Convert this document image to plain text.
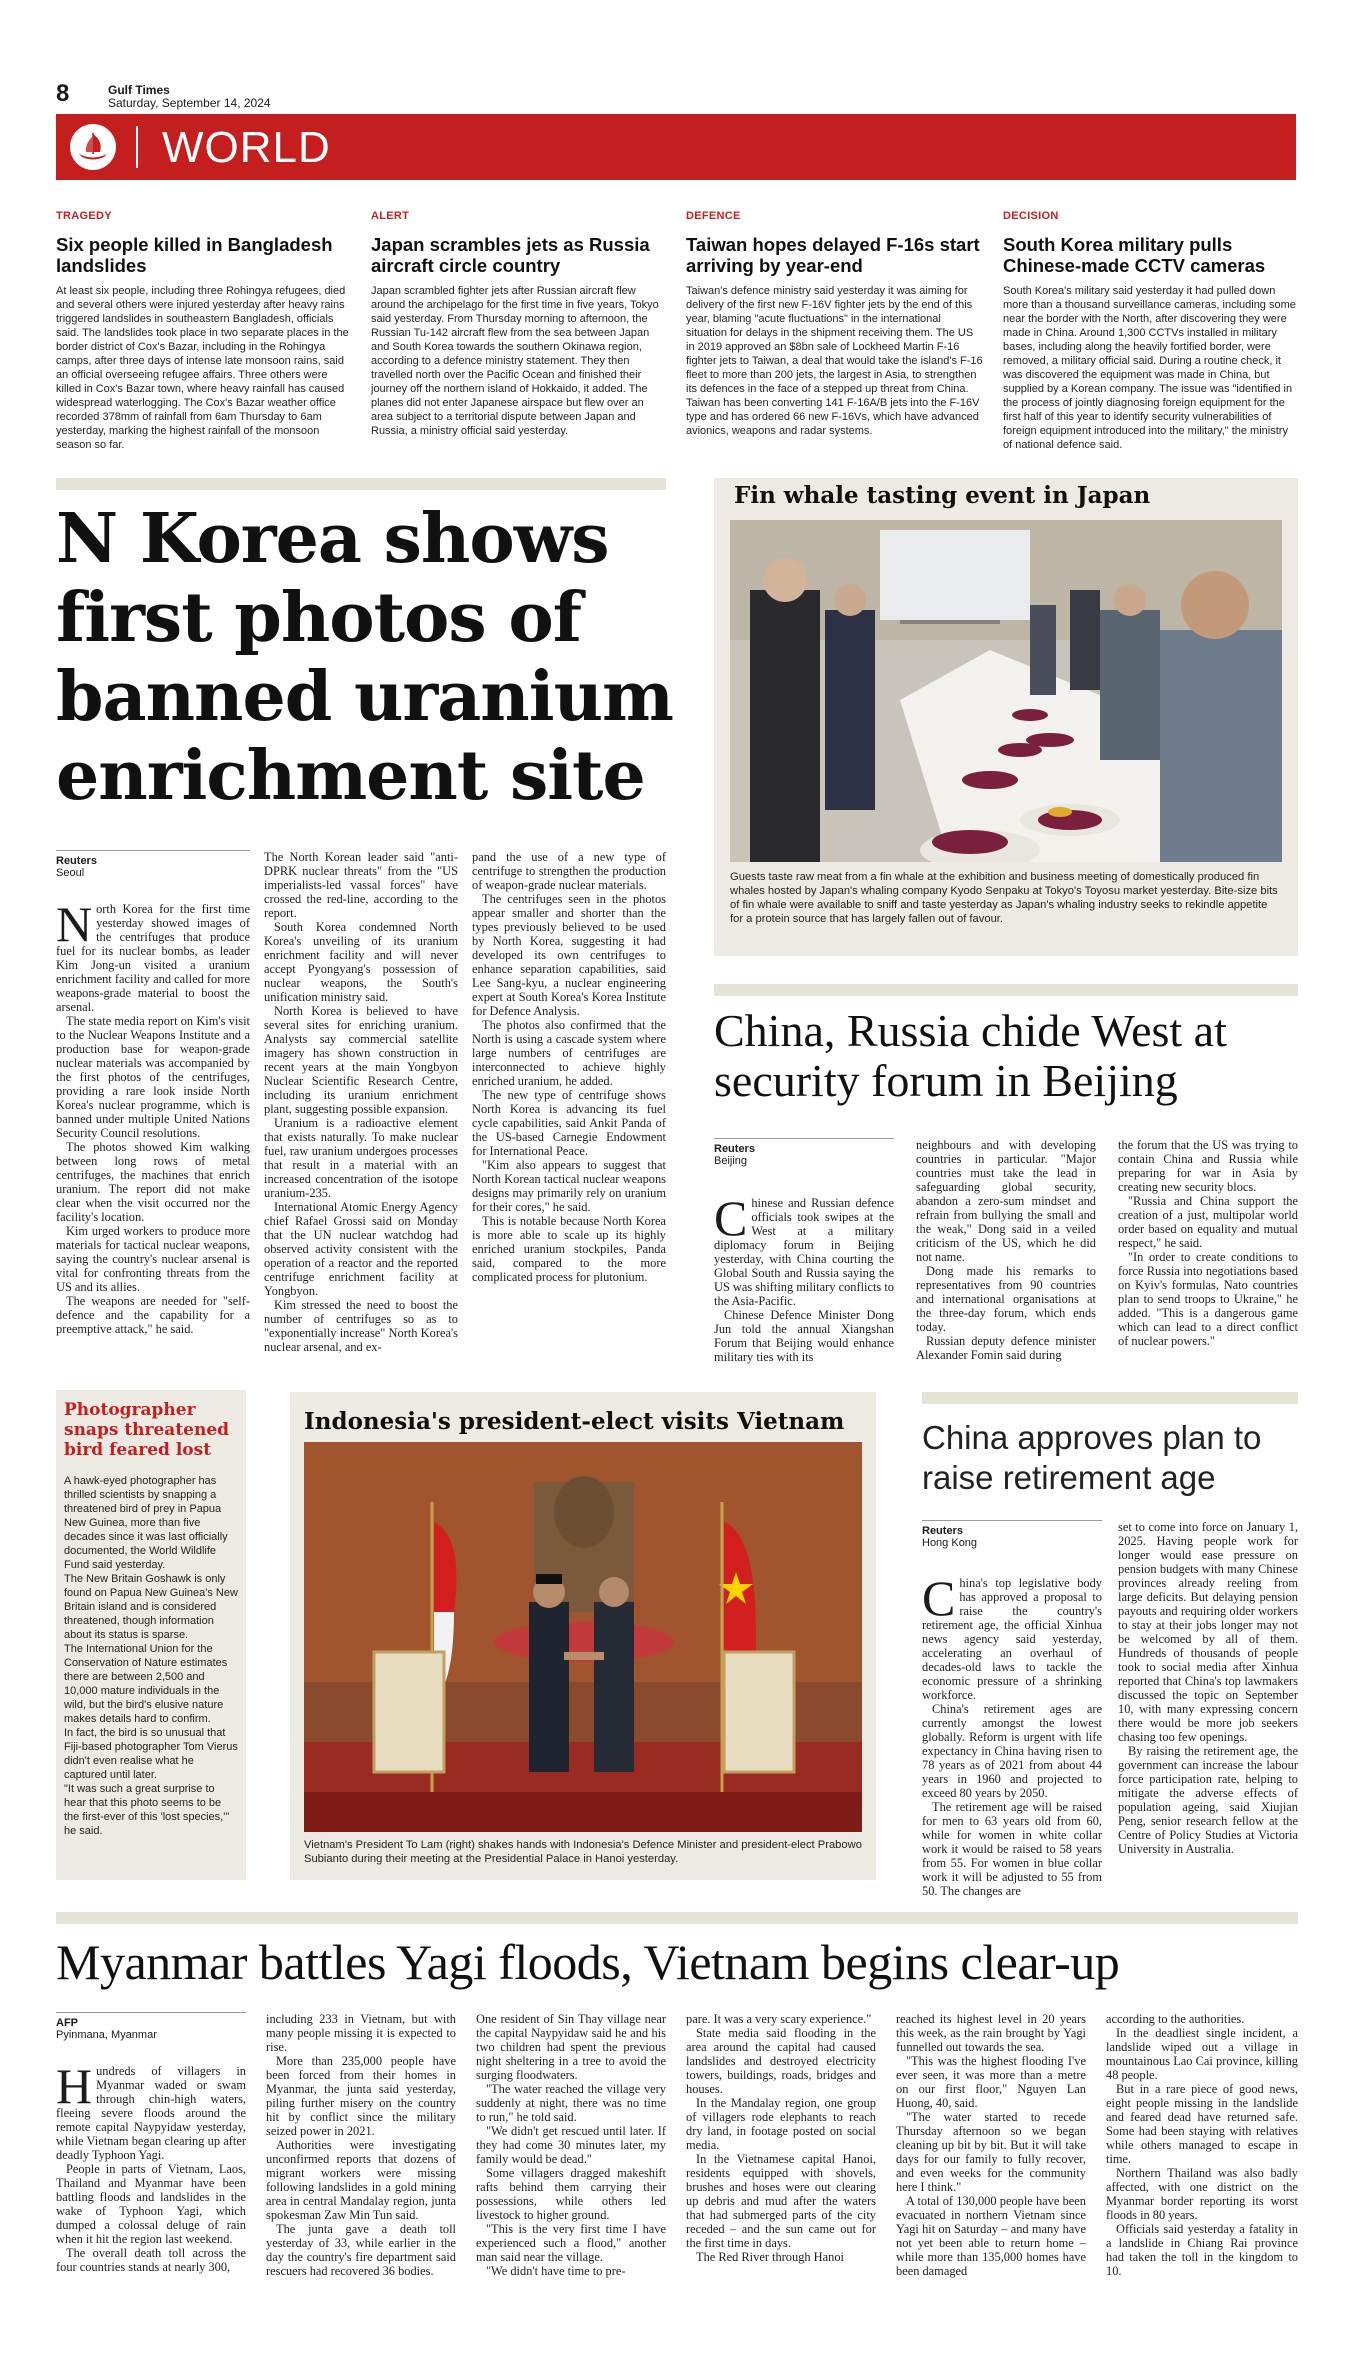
8	Gulf Times
Saturday, September 14, 2024
WORLD
TRAGEDY
Six people killed in Bangladesh landslides
At least six people, including three Rohingya refugees, died and several others were injured yesterday after heavy rains triggered landslides in southeastern Bangladesh, officials said. The landslides took place in two separate places in the border district of Cox's Bazar, including in the Rohingya camps, after three days of intense late monsoon rains, said an official overseeing refugee affairs. Three others were killed in Cox's Bazar town, where heavy rainfall has caused widespread waterlogging. The Cox's Bazar weather office recorded 378mm of rainfall from 6am Thursday to 6am yesterday, marking the highest rainfall of the monsoon season so far.
ALERT
Japan scrambles jets as Russia aircraft circle country
Japan scrambled fighter jets after Russian aircraft flew around the archipelago for the first time in five years, Tokyo said yesterday. From Thursday morning to afternoon, the Russian Tu-142 aircraft flew from the sea between Japan and South Korea towards the southern Okinawa region, according to a defence ministry statement. They then travelled north over the Pacific Ocean and finished their journey off the northern island of Hokkaido, it added. The planes did not enter Japanese airspace but flew over an area subject to a territorial dispute between Japan and Russia, a ministry official said yesterday.
DEFENCE
Taiwan hopes delayed F-16s start arriving by year-end
Taiwan's defence ministry said yesterday it was aiming for delivery of the first new F-16V fighter jets by the end of this year, blaming "acute fluctuations" in the international situation for delays in the shipment receiving them. The US in 2019 approved an $8bn sale of Lockheed Martin F-16 fighter jets to Taiwan, a deal that would take the island's F-16 fleet to more than 200 jets, the largest in Asia, to strengthen its defences in the face of a stepped up threat from China. Taiwan has been converting 141 F-16A/B jets into the F-16V type and has ordered 66 new F-16Vs, which have advanced avionics, weapons and radar systems.
DECISION
South Korea military pulls Chinese-made CCTV cameras
South Korea's military said yesterday it had pulled down more than a thousand surveillance cameras, including some near the border with the North, after discovering they were made in China. Around 1,300 CCTVs installed in military bases, including along the heavily fortified border, were removed, a military official said. During a routine check, it was discovered the equipment was made in China, but supplied by a Korean company. The issue was "identified in the process of jointly diagnosing foreign equipment for the first half of this year to identify security vulnerabilities of foreign equipment introduced into the military," the ministry of national defence said.
N Korea shows first photos of banned uranium enrichment site
Reuters
Seoul
N orth Korea for the first time yesterday showed images of the centrifuges that produce fuel for its nuclear bombs, as leader Kim Jong-un visited a uranium enrichment facility and called for more weapons-grade material to boost the arsenal.

The state media report on Kim's visit to the Nuclear Weapons Institute and a production base for weapon-grade nuclear materials was accompanied by the first photos of the centrifuges, providing a rare look inside North Korea's nuclear programme, which is banned under multiple United Nations Security Council resolutions.

The photos showed Kim walking between long rows of metal centrifuges, the machines that enrich uranium. The report did not make clear when the visit occurred nor the facility's location.

Kim urged workers to produce more materials for tactical nuclear weapons, saying the country's nuclear arsenal is vital for confronting threats from the US and its allies.

The weapons are needed for "self-defence and the capability for a preemptive attack," he said.

The North Korean leader said "anti-DPRK nuclear threats" from the "US imperialists-led vassal forces" have crossed the red-line, according to the report.

South Korea condemned North Korea's unveiling of its uranium enrichment facility and will never accept Pyongyang's possession of nuclear weapons, the South's unification ministry said.

North Korea is believed to have several sites for enriching uranium. Analysts say commercial satellite imagery has shown construction in recent years at the main Yongbyon Nuclear Scientific Research Centre, including its uranium enrichment plant, suggesting possible expansion.

Uranium is a radioactive element that exists naturally. To make nuclear fuel, raw uranium undergoes processes that result in a material with an increased concentration of the isotope uranium-235.

International Atomic Energy Agency chief Rafael Grossi said on Monday that the UN nuclear watchdog had observed activity consistent with the operation of a reactor and the reported centrifuge enrichment facility at Yongbyon.

Kim stressed the need to boost the number of centrifuges so as to "exponentially increase" North Korea's nuclear arsenal, and ex-

pand the use of a new type of centrifuge to strengthen the production of weapon-grade nuclear materials.

The centrifuges seen in the photos appear smaller and shorter than the types previously believed to be used by North Korea, suggesting it had developed its own centrifuges to enhance separation capabilities, said Lee Sang-kyu, a nuclear engineering expert at South Korea's Korea Institute for Defence Analysis.

The photos also confirmed that the North is using a cascade system where large numbers of centrifuges are interconnected to achieve highly enriched uranium, he added.

The new type of centrifuge shows North Korea is advancing its fuel cycle capabilities, said Ankit Panda of the US-based Carnegie Endowment for International Peace.

"Kim also appears to suggest that North Korean tactical nuclear weapons designs may primarily rely on uranium for their cores," he said.

This is notable because North Korea is more able to scale up its highly enriched uranium stockpiles, Panda said, compared to the more complicated process for plutonium.

Fin whale tasting event in Japan
Guests taste raw meat from a fin whale at the exhibition and business meeting of domestically produced fin whales hosted by Japan's whaling company Kyodo Senpaku at Tokyo's Toyosu market yesterday. Bite-size bits of fin whale were available to sniff and taste yesterday as Japan's whaling industry seeks to rekindle appetite for a protein source that has largely fallen out of favour.
China, Russia chide West at security forum in Beijing
Reuters
Beijing
C hinese and Russian defence officials took swipes at the West at a military diplomacy forum in Beijing yesterday, with China courting the Global South and Russia saying the US was shifting military conflicts to the Asia-Pacific.

Chinese Defence Minister Dong Jun told the annual Xiangshan Forum that Beijing would enhance military ties with its

neighbours and with developing countries in particular. "Major countries must take the lead in safeguarding global security, abandon a zero-sum mindset and refrain from bullying the small and the weak," Dong said in a veiled criticism of the US, which he did not name.

Dong made his remarks to representatives from 90 countries and international organisations at the three-day forum, which ends today.

Russian deputy defence minister Alexander Fomin said during

the forum that the US was trying to contain China and Russia while preparing for war in Asia by creating new security blocs.

"Russia and China support the creation of a just, multipolar world order based on equality and mutual respect," he said.

"In order to create conditions to force Russia into negotiations based on Kyiv's formulas, Nato countries plan to send troops to Ukraine," he added. "This is a dangerous game which can lead to a direct conflict of nuclear powers."

Photographer snaps threatened bird feared lost
A hawk-eyed photographer has thrilled scientists by snapping a threatened bird of prey in Papua New Guinea, more than five decades since it was last officially documented, the World Wildlife Fund said yesterday.
The New Britain Goshawk is only found on Papua New Guinea's New Britain island and is considered threatened, though information about its status is sparse.
The International Union for the Conservation of Nature estimates there are between 2,500 and 10,000 mature individuals in the wild, but the bird's elusive nature makes details hard to confirm.
In fact, the bird is so unusual that Fiji-based photographer Tom Vierus didn't even realise what he captured until later.
"It was such a great surprise to hear that this photo seems to be the first-ever of this 'lost species,'" he said.
Indonesia's president-elect visits Vietnam
Vietnam's President To Lam (right) shakes hands with Indonesia's Defence Minister and president-elect Prabowo Subianto during their meeting at the Presidential Palace in Hanoi yesterday.
China approves plan to raise retirement age
Reuters
Hong Kong
C hina's top legislative body has approved a proposal to raise the country's retirement age, the official Xinhua news agency said yesterday, accelerating an overhaul of decades-old laws to tackle the economic pressure of a shrinking workforce.

China's retirement ages are currently amongst the lowest globally. Reform is urgent with life expectancy in China having risen to 78 years as of 2021 from about 44 years in 1960 and projected to exceed 80 years by 2050.

The retirement age will be raised for men to 63 years old from 60, while for women in white collar work it would be raised to 58 years from 55. For women in blue collar work it will be adjusted to 55 from 50. The changes are

set to come into force on January 1, 2025. Having people work for longer would ease pressure on pension budgets with many Chinese provinces already reeling from large deficits. But delaying pension payouts and requiring older workers to stay at their jobs longer may not be welcomed by all of them. Hundreds of thousands of people took to social media after Xinhua reported that China's top lawmakers discussed the topic on September 10, with many expressing concern there would be more job seekers chasing too few openings.

By raising the retirement age, the government can increase the labour force participation rate, helping to mitigate the adverse effects of population ageing, said Xiujian Peng, senior research fellow at the Centre of Policy Studies at Victoria University in Australia.

Myanmar battles Yagi floods, Vietnam begins clear-up
AFP
Pyinmana, Myanmar
H undreds of villagers in Myanmar waded or swam through chin-high waters, fleeing severe floods around the remote capital Naypyidaw yesterday, while Vietnam began clearing up after deadly Typhoon Yagi.

People in parts of Vietnam, Laos, Thailand and Myanmar have been battling floods and landslides in the wake of Typhoon Yagi, which dumped a colossal deluge of rain when it hit the region last weekend.

The overall death toll across the four countries stands at nearly 300,

including 233 in Vietnam, but with many people missing it is expected to rise.

More than 235,000 people have been forced from their homes in Myanmar, the junta said yesterday, piling further misery on the country hit by conflict since the military seized power in 2021.

Authorities were investigating unconfirmed reports that dozens of migrant workers were missing following landslides in a gold mining area in central Mandalay region, junta spokesman Zaw Min Tun said.

The junta gave a death toll yesterday of 33, while earlier in the day the country's fire department said rescuers had recovered 36 bodies.

One resident of Sin Thay village near the capital Naypyidaw said he and his two children had spent the previous night sheltering in a tree to avoid the surging floodwaters.

"The water reached the village very suddenly at night, there was no time to run," he told said.

"We didn't get rescued until later. If they had come 30 minutes later, my family would be dead."

Some villagers dragged makeshift rafts behind them carrying their possessions, while others led livestock to higher ground.

"This is the very first time I have experienced such a flood," another man said near the village.

"We didn't have time to pre-

pare. It was a very scary experience."

State media said flooding in the area around the capital had caused landslides and destroyed electricity towers, buildings, roads, bridges and houses.

In the Mandalay region, one group of villagers rode elephants to reach dry land, in footage posted on social media.

In the Vietnamese capital Hanoi, residents equipped with shovels, brushes and hoses were out clearing up debris and mud after the waters that had submerged parts of the city receded – and the sun came out for the first time in days.

The Red River through Hanoi

reached its highest level in 20 years this week, as the rain brought by Yagi funnelled out towards the sea.

"This was the highest flooding I've ever seen, it was more than a metre on our first floor," Nguyen Lan Huong, 40, said.

"The water started to recede Thursday afternoon so we began cleaning up bit by bit. But it will take days for our family to fully recover, and even weeks for the community here I think."

A total of 130,000 people have been evacuated in northern Vietnam since Yagi hit on Saturday – and many have not yet been able to return home – while more than 135,000 homes have been damaged

according to the authorities.

In the deadliest single incident, a landslide wiped out a village in mountainous Lao Cai province, killing 48 people.

But in a rare piece of good news, eight people missing in the landslide and feared dead have returned safe. Some had been staying with relatives while others managed to escape in time.

Northern Thailand was also badly affected, with one district on the Myanmar border reporting its worst floods in 80 years.

Officials said yesterday a fatality in a landslide in Chiang Rai province had taken the toll in the kingdom to 10.
